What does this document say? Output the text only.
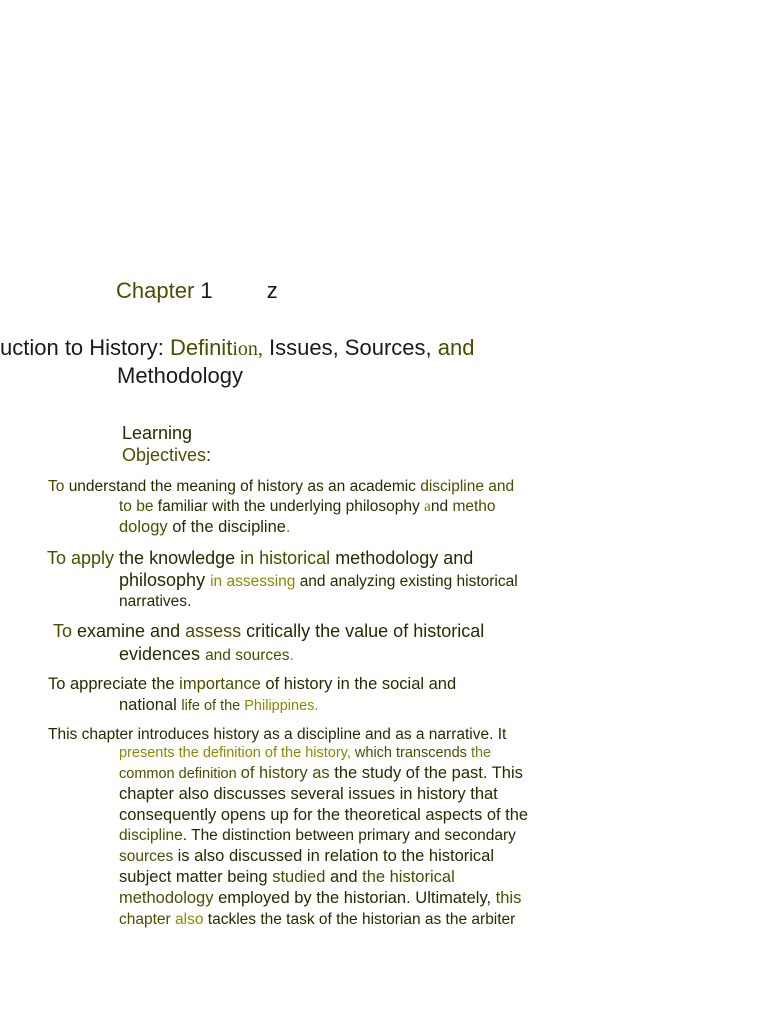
Chapter 1 z
uction to History: Definition, Issues, Sources, and
Methodology
Learning
Objectives:
To understand the meaning of history as an academic discipline and
to be familiar with the underlying philosophy and metho
dology of the discipline.
To apply the knowledge in historical methodology and
philosophy in assessing and analyzing existing historical
narratives.
To examine and assess critically the value of historical
evidences and sources.
To appreciate the importance of history in the social and
national life of the Philippines.
This chapter introduces history as a discipline and as a narrative. It
presents the definition of the history, which transcends the
common definition of history as the study of the past. This
chapter also discusses several issues in history that
consequently opens up for the theoretical aspects of the
discipline. The distinction between primary and secondary
sources is also discussed in relation to the historical
subject matter being studied and the historical
methodology employed by the historian. Ultimately, this
chapter also tackles the task of the historian as the arbiter
